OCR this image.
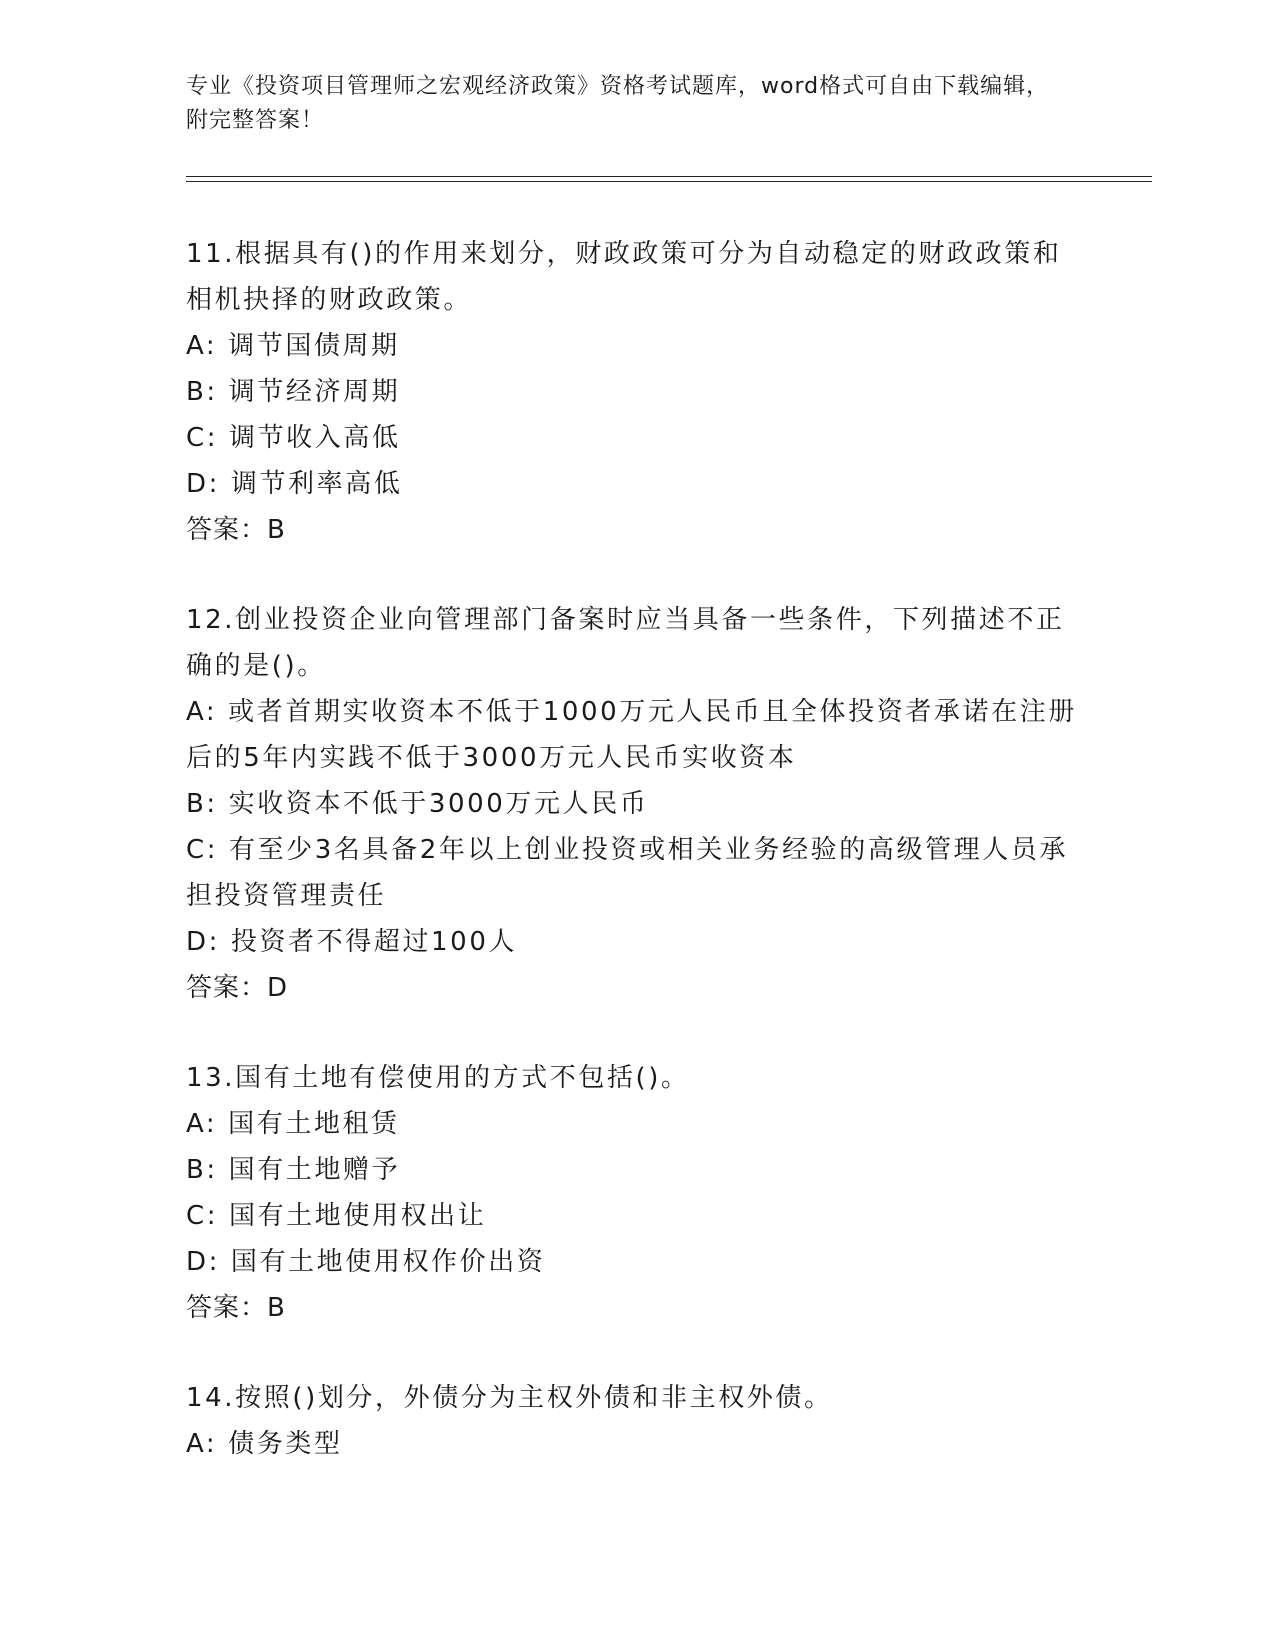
专业《投资项目管理师之宏观经济政策》资格考试题库，word格式可自由下载编辑，附完整答案！
11.根据具有()的作用来划分，财政政策可分为自动稳定的财政政策和相机抉择的财政政策。
A: 调节国债周期
B: 调节经济周期
C: 调节收入高低
D: 调节利率高低
答案：B
12.创业投资企业向管理部门备案时应当具备一些条件，下列描述不正确的是()。
A: 或者首期实收资本不低于1000万元人民币且全体投资者承诺在注册后的5年内实践不低于3000万元人民币实收资本
B: 实收资本不低于3000万元人民币
C: 有至少3名具备2年以上创业投资或相关业务经验的高级管理人员承担投资管理责任
D: 投资者不得超过100人
答案：D
13.国有土地有偿使用的方式不包括()。
A: 国有土地租赁
B: 国有土地赠予
C: 国有土地使用权出让
D: 国有土地使用权作价出资
答案：B
14.按照()划分，外债分为主权外债和非主权外债。
A: 债务类型
